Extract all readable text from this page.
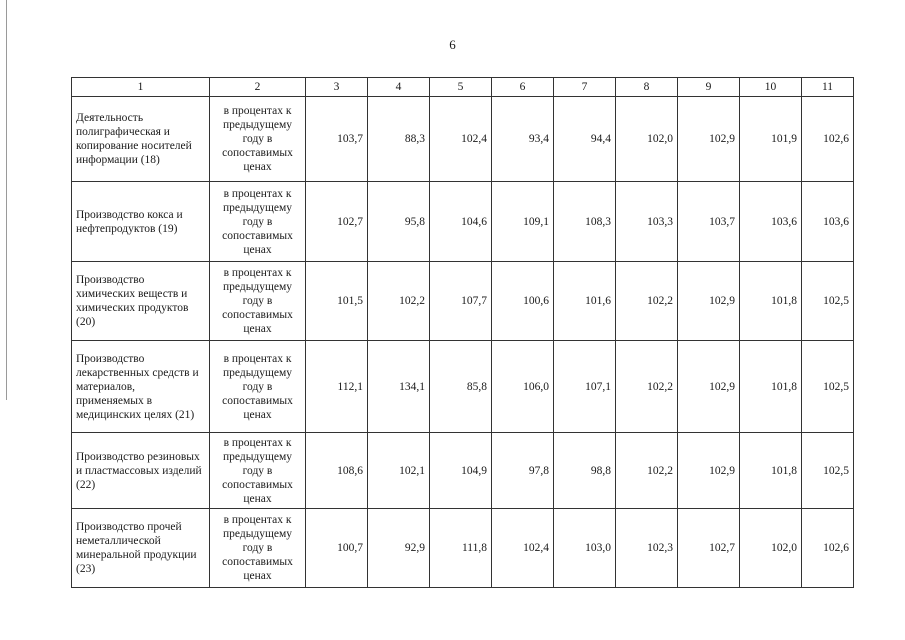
6
1	2	3	4	5	6	7	8	9	10	11
Деятельность полиграфическая и копирование носителей информации (18)	в процентах к предыдущему году в сопоставимых ценах	103,7	88,3	102,4	93,4	94,4	102,0	102,9	101,9	102,6
Производство кокса и нефтепродуктов (19)	в процентах к предыдущему году в сопоставимых ценах	102,7	95,8	104,6	109,1	108,3	103,3	103,7	103,6	103,6
Производство химических веществ и химических продуктов (20)	в процентах к предыдущему году в сопоставимых ценах	101,5	102,2	107,7	100,6	101,6	102,2	102,9	101,8	102,5
Производство лекарственных средств и материалов, применяемых в медицинских целях (21)	в процентах к предыдущему году в сопоставимых ценах	112,1	134,1	85,8	106,0	107,1	102,2	102,9	101,8	102,5
Производство резиновых и пластмассовых изделий (22)	в процентах к предыдущему году в сопоставимых ценах	108,6	102,1	104,9	97,8	98,8	102,2	102,9	101,8	102,5
Производство прочей неметаллической минеральной продукции (23)	в процентах к предыдущему году в сопоставимых ценах	100,7	92,9	111,8	102,4	103,0	102,3	102,7	102,0	102,6
